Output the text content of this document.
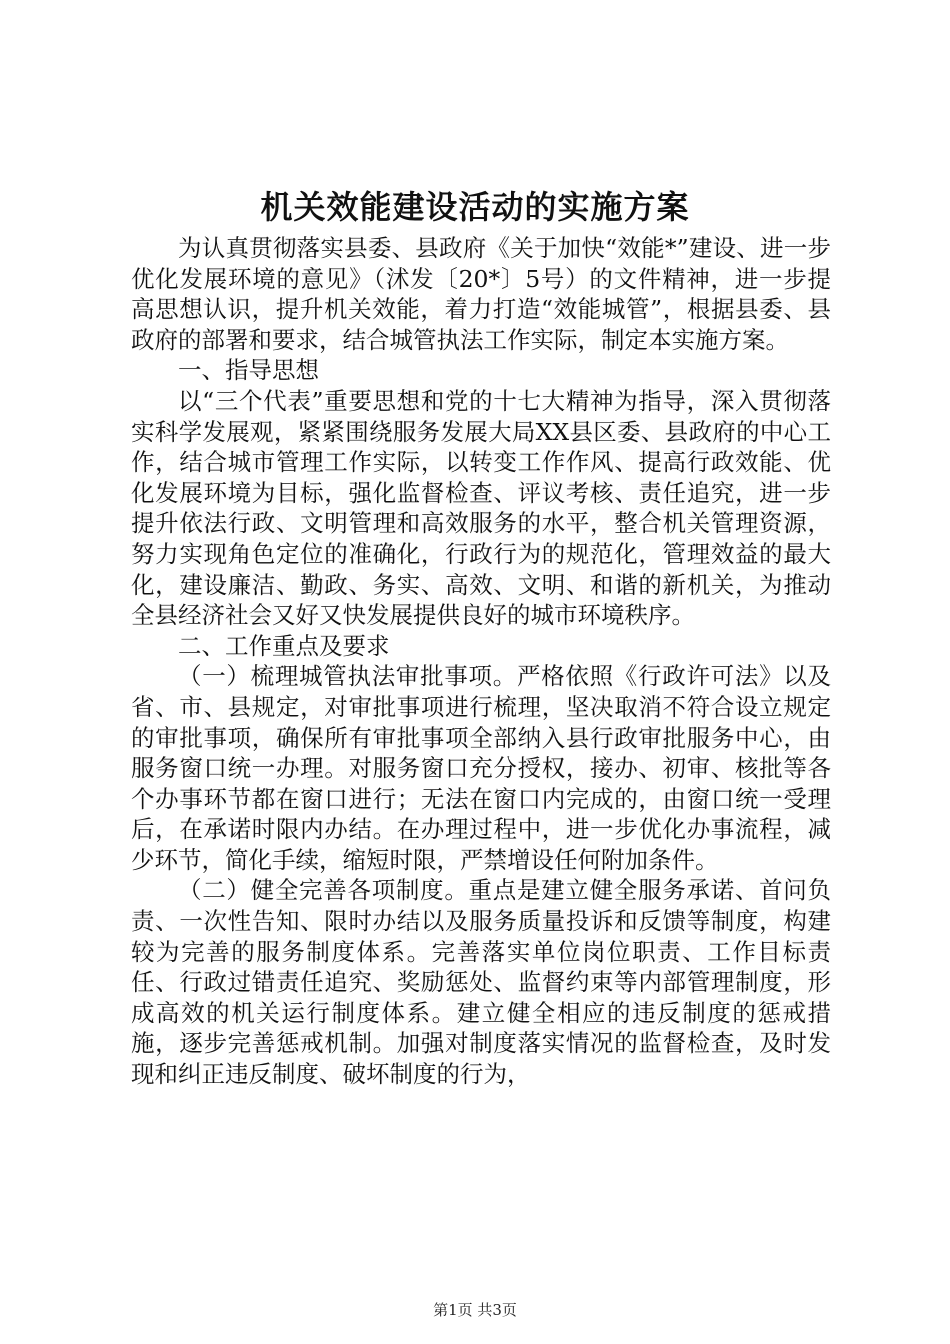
机关效能建设活动的实施方案

为认真贯彻落实县委、县政府《关于加快“效能*”建设、进一步优化发展环境的意见》（沭发〔20*〕5号）的文件精神，进一步提高思想认识，提升机关效能，着力打造“效能城管”，根据县委、县政府的部署和要求，结合城管执法工作实际，制定本实施方案。

一、指导思想

以“三个代表”重要思想和党的十七大精神为指导，深入贯彻落实科学发展观，紧紧围绕服务发展大局XX县区委、县政府的中心工作，结合城市管理工作实际，以转变工作作风、提高行政效能、优化发展环境为目标，强化监督检查、评议考核、责任追究，进一步提升依法行政、文明管理和高效服务的水平，整合机关管理资源，努力实现角色定位的准确化，行政行为的规范化，管理效益的最大化，建设廉洁、勤政、务实、高效、文明、和谐的新机关，为推动全县经济社会又好又快发展提供良好的城市环境秩序。

二、工作重点及要求

（一）梳理城管执法审批事项。严格依照《行政许可法》以及省、市、县规定，对审批事项进行梳理，坚决取消不符合设立规定的审批事项，确保所有审批事项全部纳入县行政审批服务中心，由服务窗口统一办理。对服务窗口充分授权，接办、初审、核批等各个办事环节都在窗口进行；无法在窗口内完成的，由窗口统一受理后，在承诺时限内办结。在办理过程中，进一步优化办事流程，减少环节，简化手续，缩短时限，严禁增设任何附加条件。

（二）健全完善各项制度。重点是建立健全服务承诺、首问负责、一次性告知、限时办结以及服务质量投诉和反馈等制度，构建较为完善的服务制度体系。完善落实单位岗位职责、工作目标责任、行政过错责任追究、奖励惩处、监督约束等内部管理制度，形成高效的机关运行制度体系。建立健全相应的违反制度的惩戒措施，逐步完善惩戒机制。加强对制度落实情况的监督检查，及时发现和纠正违反制度、破坏制度的行为，

第1页 共3页
